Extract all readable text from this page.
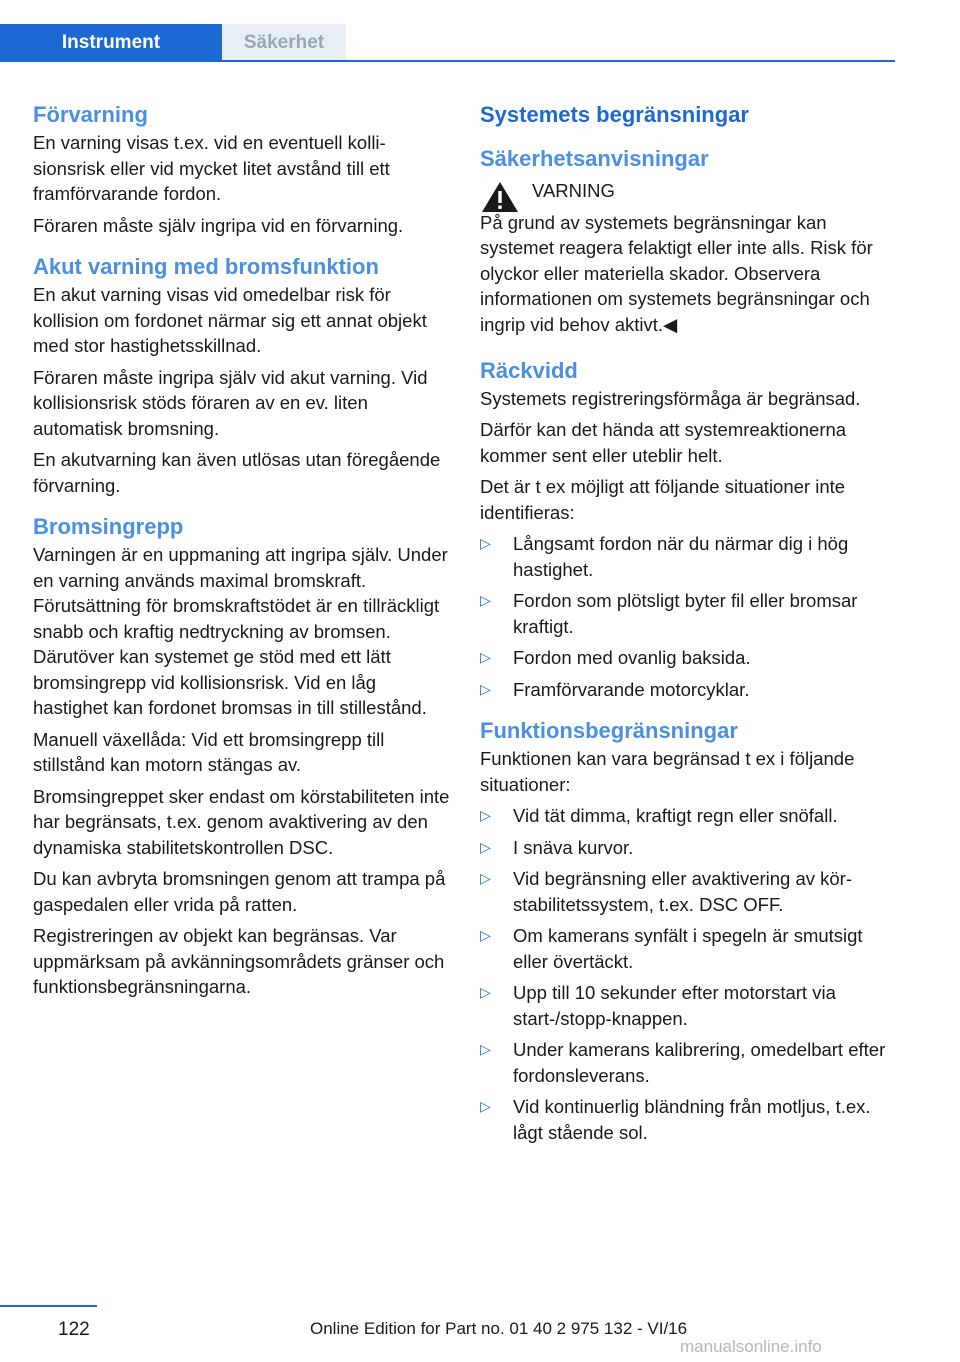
Instrument	Säkerhet

Förvarning

En varning visas t.ex. vid en eventuell kollisionsrisk eller vid mycket litet avstånd till ett framförvarande fordon.

Föraren måste själv ingripa vid en förvarning.

Akut varning med bromsfunktion

En akut varning visas vid omedelbar risk för kollision om fordonet närmar sig ett annat objekt med stor hastighetsskillnad.

Föraren måste ingripa själv vid akut varning. Vid kollisionsrisk stöds föraren av en ev. liten automatisk bromsning.

En akutvarning kan även utlösas utan föregående förvarning.

Bromsingrepp

Varningen är en uppmaning att ingripa själv. Under en varning används maximal bromskraft. Förutsättning för bromskraftstödet är en tillräckligt snabb och kraftig nedtryckning av bromsen. Därutöver kan systemet ge stöd med ett lätt bromsingrepp vid kollisionsrisk. Vid en låg hastighet kan fordonet bromsas in till stillestånd.

Manuell växellåda: Vid ett bromsingrepp till stillstånd kan motorn stängas av.

Bromsingreppet sker endast om körstabiliteten inte har begränsats, t.ex. genom avaktivering av den dynamiska stabilitetskontrollen DSC.

Du kan avbryta bromsningen genom att trampa på gaspedalen eller vrida på ratten.

Registreringen av objekt kan begränsas. Var uppmärksam på avkänningsområdets gränser och funktionsbegränsningarna.

Systemets begränsningar

Säkerhetsanvisningar

VARNING

På grund av systemets begränsningar kan systemet reagera felaktigt eller inte alls. Risk för olyckor eller materiella skador. Observera informationen om systemets begränsningar och ingrip vid behov aktivt.◀

Räckvidd

Systemets registreringsförmåga är begränsad.

Därför kan det hända att systemreaktionerna kommer sent eller uteblir helt.

Det är t ex möjligt att följande situationer inte identifieras:

▷ Långsamt fordon när du närmar dig i hög hastighet.
▷ Fordon som plötsligt byter fil eller bromsar kraftigt.
▷ Fordon med ovanlig baksida.
▷ Framförvarande motorcyklar.

Funktionsbegränsningar

Funktionen kan vara begränsad t ex i följande situationer:

▷ Vid tät dimma, kraftigt regn eller snöfall.
▷ I snäva kurvor.
▷ Vid begränsning eller avaktivering av körstabilitetssystem, t.ex. DSC OFF.
▷ Om kamerans synfält i spegeln är smutsigt eller övertäckt.
▷ Upp till 10 sekunder efter motorstart via start-/stopp-knappen.
▷ Under kamerans kalibrering, omedelbart efter fordonsleverans.
▷ Vid kontinuerlig bländning från motljus, t.ex. lågt stående sol.
122	Online Edition for Part no. 01 40 2 975 132 - VI/16
manualsonline.info
